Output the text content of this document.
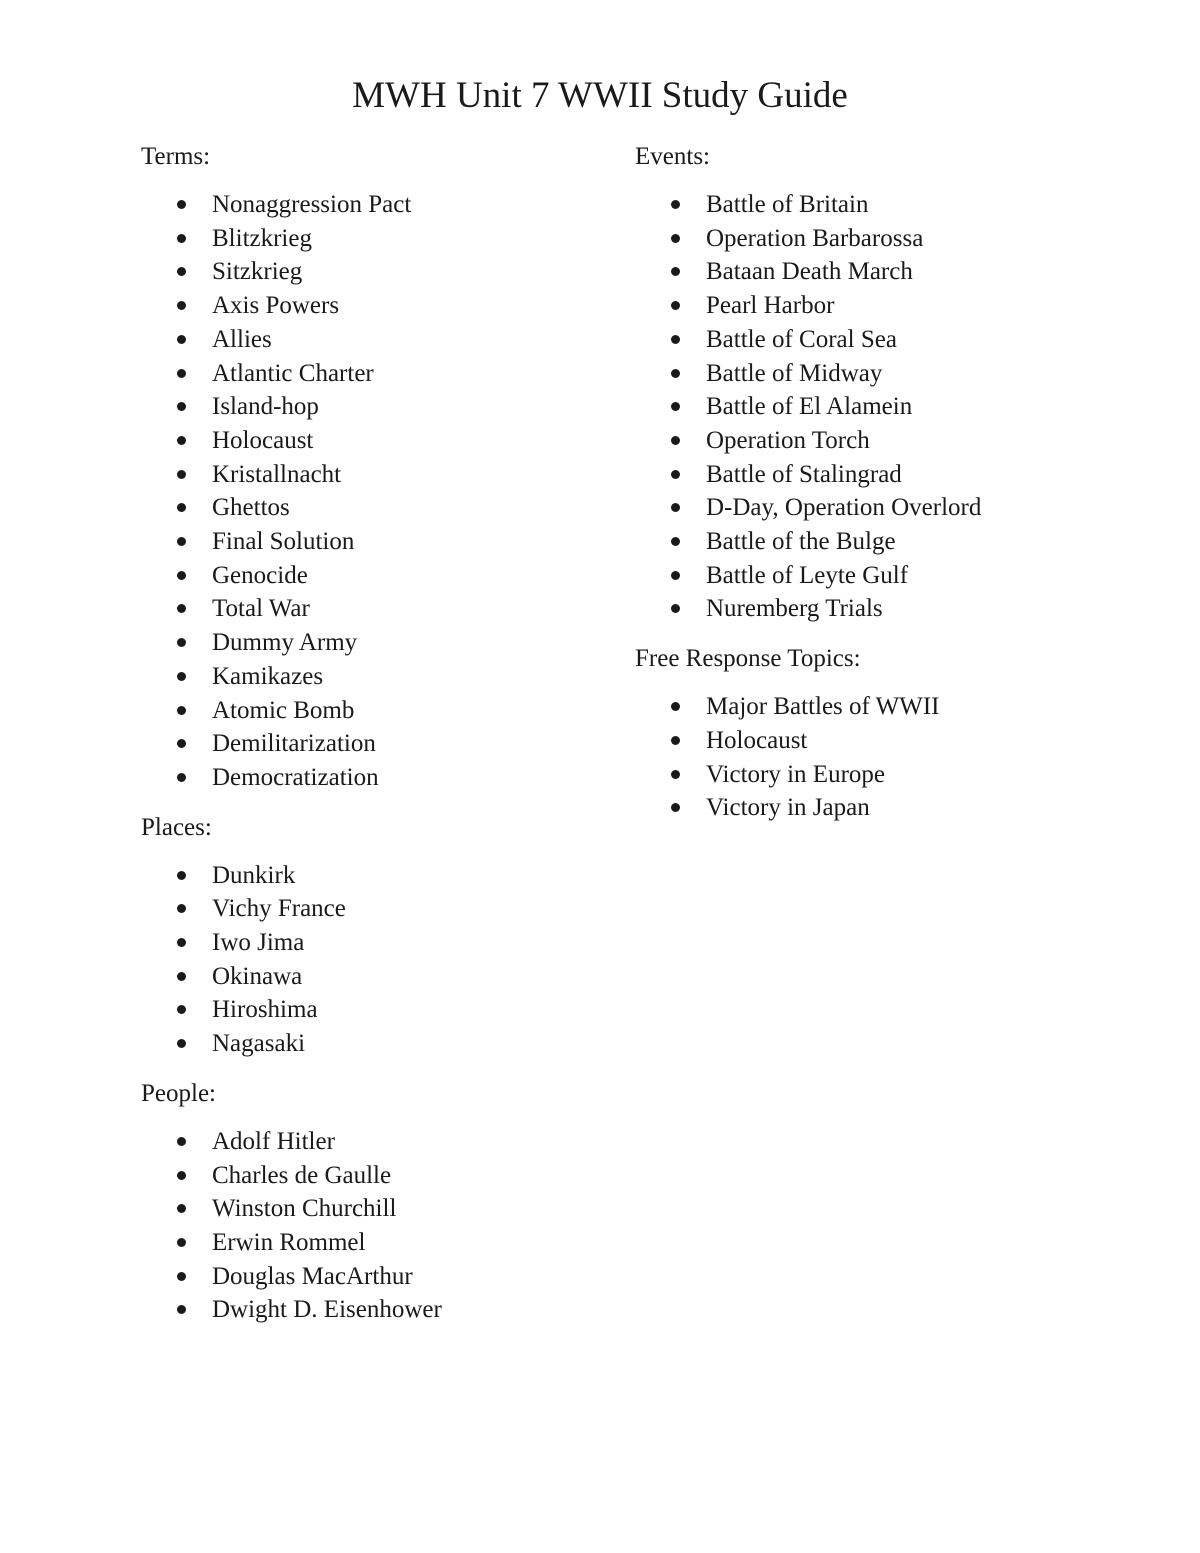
MWH Unit 7 WWII Study Guide
Terms:
Nonaggression Pact
Blitzkrieg
Sitzkrieg
Axis Powers
Allies
Atlantic Charter
Island-hop
Holocaust
Kristallnacht
Ghettos
Final Solution
Genocide
Total War
Dummy Army
Kamikazes
Atomic Bomb
Demilitarization
Democratization
Places:
Dunkirk
Vichy France
Iwo Jima
Okinawa
Hiroshima
Nagasaki
People:
Adolf Hitler
Charles de Gaulle
Winston Churchill
Erwin Rommel
Douglas MacArthur
Dwight D. Eisenhower
Events:
Battle of Britain
Operation Barbarossa
Bataan Death March
Pearl Harbor
Battle of Coral Sea
Battle of Midway
Battle of El Alamein
Operation Torch
Battle of Stalingrad
D-Day, Operation Overlord
Battle of the Bulge
Battle of Leyte Gulf
Nuremberg Trials
Free Response Topics:
Major Battles of WWII
Holocaust
Victory in Europe
Victory in Japan
